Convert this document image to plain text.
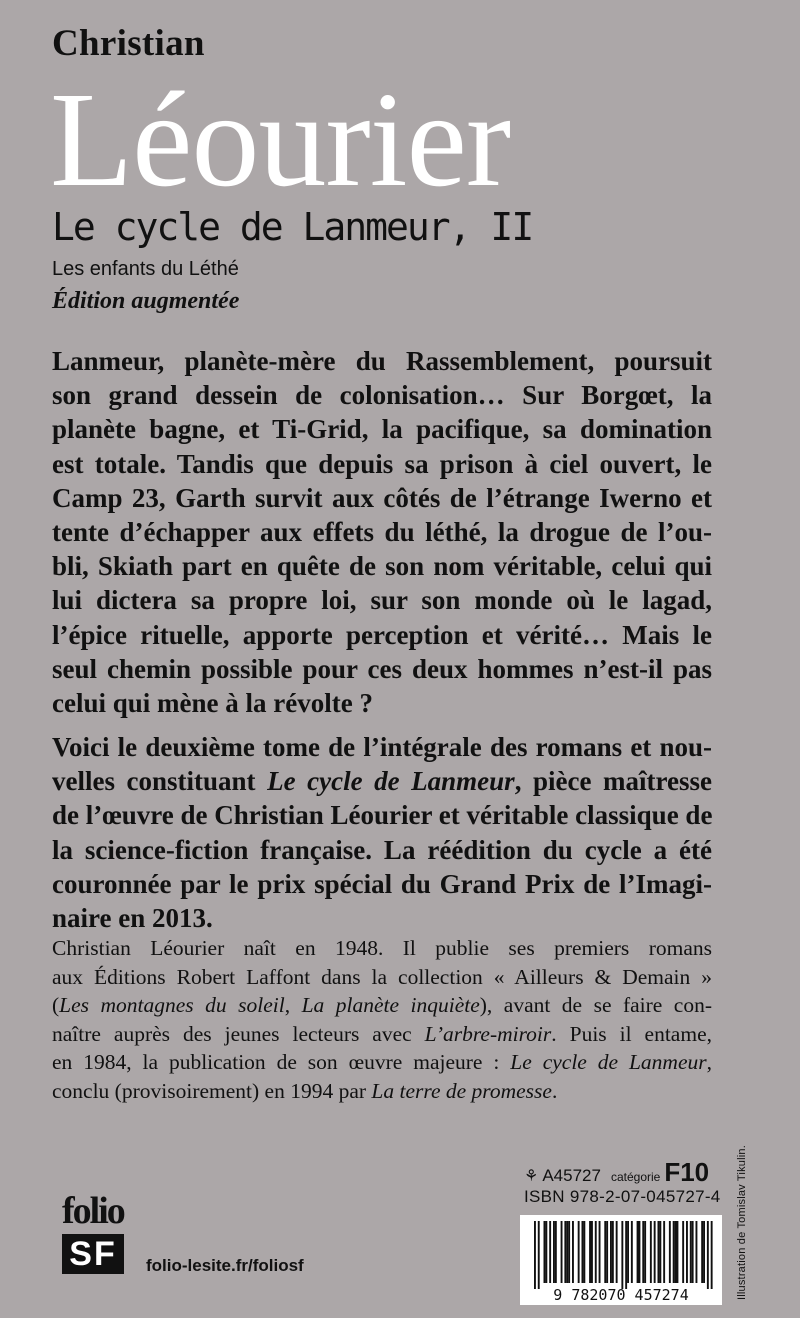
Christian
Léourier
Le cycle de Lanmeur, II
Les enfants du Léthé
Édition augmentée

Lanmeur, planète-mère du Rassemblement, poursuit
son grand dessein de colonisation… Sur Borgœt, la
planète bagne, et Ti-Grid, la pacifique, sa domination
est totale. Tandis que depuis sa prison à ciel ouvert, le
Camp 23, Garth survit aux côtés de l’étrange Iwerno et
tente d’échapper aux effets du léthé, la drogue de l’ou-
bli, Skiath part en quête de son nom véritable, celui qui
lui dictera sa propre loi, sur son monde où le lagad,
l’épice rituelle, apporte perception et vérité… Mais le
seul chemin possible pour ces deux hommes n’est-il pas
celui qui mène à la révolte ?

Voici le deuxième tome de l’intégrale des romans et nou-
velles constituant Le cycle de Lanmeur, pièce maîtresse
de l’œuvre de Christian Léourier et véritable classique de
la science-fiction française. La réédition du cycle a été
couronnée par le prix spécial du Grand Prix de l’Imagi-
naire en 2013.

Christian Léourier naît en 1948. Il publie ses premiers romans
aux Éditions Robert Laffont dans la collection « Ailleurs & Demain »
(Les montagnes du soleil, La planète inquiète), avant de se faire con-
naître auprès des jeunes lecteurs avec L’arbre-miroir. Puis il entame,
en 1984, la publication de son œuvre majeure : Le cycle de Lanmeur,
conclu (provisoirement) en 1994 par La terre de promesse.

Illustration de Tomislav Tikulin.
⚘ A45727 catégorie F10
ISBN 978-2-07-045727-4
9 782070 457274
folio
SF	folio-lesite.fr/foliosf
